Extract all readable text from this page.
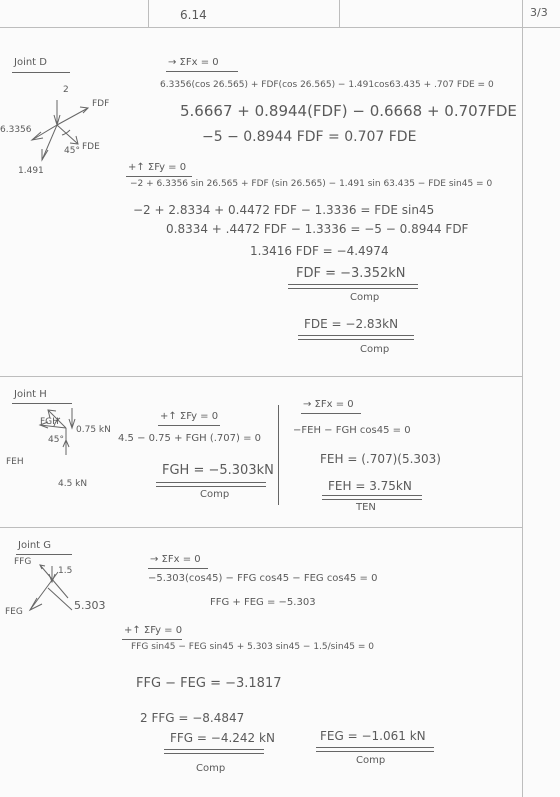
6.14	3/3
Joint D
2
FDF
FDE
6.3356
1.491
45°
→ ΣFx = 0
6.3356(cos 26.565) + FDF(cos 26.565) − 1.491cos63.435 + .707 FDE = 0
5.6667 + 0.8944(FDF) − 0.6668 + 0.707FDE
−5 − 0.8944 FDF = 0.707 FDE
+↑ ΣFy = 0
−2 + 6.3356 sin 26.565 + FDF (sin 26.565) − 1.491 sin 63.435 − FDE sin45 = 0
−2 + 2.8334 + 0.4472 FDF − 1.3336 = FDE sin45
0.8334 + .4472 FDF − 1.3336 = −5 − 0.8944 FDF
1.3416 FDF = −4.4974
FDF = −3.352kN
Comp
FDE = −2.83kN
Comp
Joint H
FGH
0.75 kN
FEH
4.5 kN
45°
+↑ ΣFy = 0
4.5 − 0.75 + FGH (.707) = 0
FGH = −5.303kN
Comp
→ ΣFx = 0
−FEH − FGH cos45 = 0
FEH = (.707)(5.303)
FEH = 3.75kN
TEN
Joint G
FFG
1.5
FEG	5.303
→ ΣFx = 0
−5.303(cos45) − FFG cos45 − FEG cos45 = 0
FFG + FEG = −5.303
+↑ ΣFy = 0
FFG sin45 − FEG sin45 + 5.303 sin45 − 1.5/sin45 = 0
FFG − FEG = −3.1817
2 FFG = −8.4847
FFG = −4.242 kN
Comp
FEG = −1.061 kN
Comp
